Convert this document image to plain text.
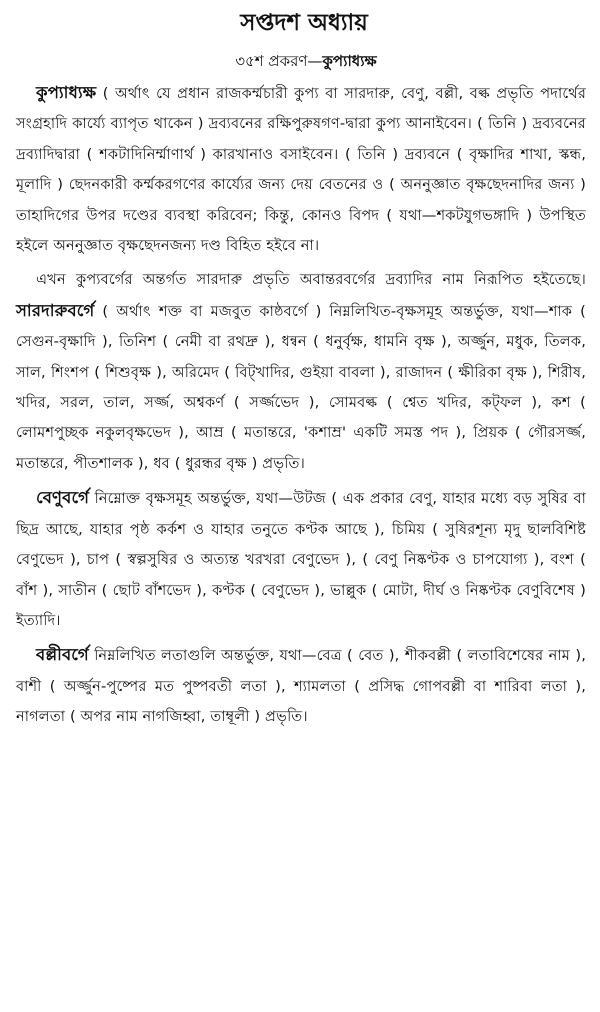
সপ্তদশ অধ্যায়
৩৫শ প্রকরণ—কুপ্যাধ্যক্ষ

কুপ্যাধ্যক্ষ ( অর্থাৎ যে প্রধান রাজকর্ম্মচারী কুপ্য বা সারদারু, বেণু, বল্লী, বল্ক প্রভৃতি পদার্থের সংগ্রহাদি কার্য্যে ব্যাপৃত থাকেন ) দ্রব্যবনের রক্ষিপুরুষগণ-দ্বারা কুপ্য আনাইবেন। ( তিনি ) দ্রব্যবনের দ্রব্যাদিদ্বারা ( শকটাদিনির্ম্মাণার্থ ) কারখানাও বসাইবেন। ( তিনি ) দ্রব্যবনে ( বৃক্ষাদির শাখা, স্কন্ধ, মূলাদি ) ছেদনকারী কর্ম্মকরগণের কার্য্যের জন্য দেয় বেতনের ও ( অননুজ্ঞাত বৃক্ষছেদনাদির জন্য ) তাহাদিগের উপর দণ্ডের ব্যবস্থা করিবেন; কিন্তু, কোনও বিপদ ( যথা—শকটযুগভঙ্গাদি ) উপস্থিত হইলে অননুজ্ঞাত বৃক্ষছেদনজন্য দণ্ড বিহিত হইবে না।

এখন কুপ্যবর্গের অন্তর্গত সারদারু প্রভৃতি অবান্তরবর্গের দ্রব্যাদির নাম নিরূপিত হইতেছে। সারদারুবর্গে ( অর্থাৎ শক্ত বা মজবুত কাষ্ঠবর্গে ) নিম্নলিখিত-বৃক্ষসমূহ অন্তর্ভুক্ত, যথা—শাক ( সেগুন-বৃক্ষাদি ), তিনিশ ( নেমী বা রথদ্রু ), ধন্বন ( ধনুর্বৃক্ষ, ধামনি বৃক্ষ ), অর্জ্জুন, মধুক, তিলক, সাল, শিংশপ ( শিশুবৃক্ষ ), অরিমেদ ( বিট্‌খাদির, গুইয়া বাবলা ), রাজাদন ( ক্ষীরিকা বৃক্ষ ), শিরীষ, খদির, সরল, তাল, সর্জ্জ, অশ্বকর্ণ ( সর্জ্জভেদ ), সোমবল্ক ( শ্বেত খদির, কট্‌ফল ), কশ ( লোমশপুচ্ছক নকুলবৃক্ষভেদ ), আম্র ( মতান্তরে, 'কশাম্র' একটি সমস্ত পদ ), প্রিয়ক ( গৌরসর্জ্জ, মতান্তরে, পীতশালক ), ধব ( ধুরন্ধর বৃক্ষ ) প্রভৃতি।

বেণুবর্গে নিম্নোক্ত বৃক্ষসমূহ অন্তর্ভুক্ত, যথা—উটজ ( এক প্রকার বেণু, যাহার মধ্যে বড় সুষির বা ছিদ্র আছে, যাহার পৃষ্ঠ কর্কশ ও যাহার তনুতে কণ্টক আছে ), চিমিয় ( সুষিরশূন্য মৃদু ছালবিশিষ্ট বেণুভেদ ), চাপ ( স্বল্পসুষির ও অত্যন্ত খরখরা বেণুভেদ ), ( বেণু নিষ্কণ্টক ও চাপযোগ্য ), বংশ ( বাঁশ ), সাতীন ( ছোট বাঁশভেদ ), কণ্টক ( বেণুভেদ ), ভাল্লুক ( মোটা, দীর্ঘ ও নিষ্কণ্টক বেণুবিশেষ ) ইত্যাদি।

বল্লীবর্গে নিম্নলিখিত লতাগুলি অন্তর্ভুক্ত, যথা—বেত্র ( বেত ), শীকবল্লী ( লতাবিশেষের নাম ), বাশী ( অর্জ্জুন-পুষ্পের মত পুষ্পবতী লতা ), শ্যামলতা ( প্রসিদ্ধ গোপবল্লী বা শারিবা লতা ), নাগলতা ( অপর নাম নাগজিহ্বা, তাম্বূলী ) প্রভৃতি।
